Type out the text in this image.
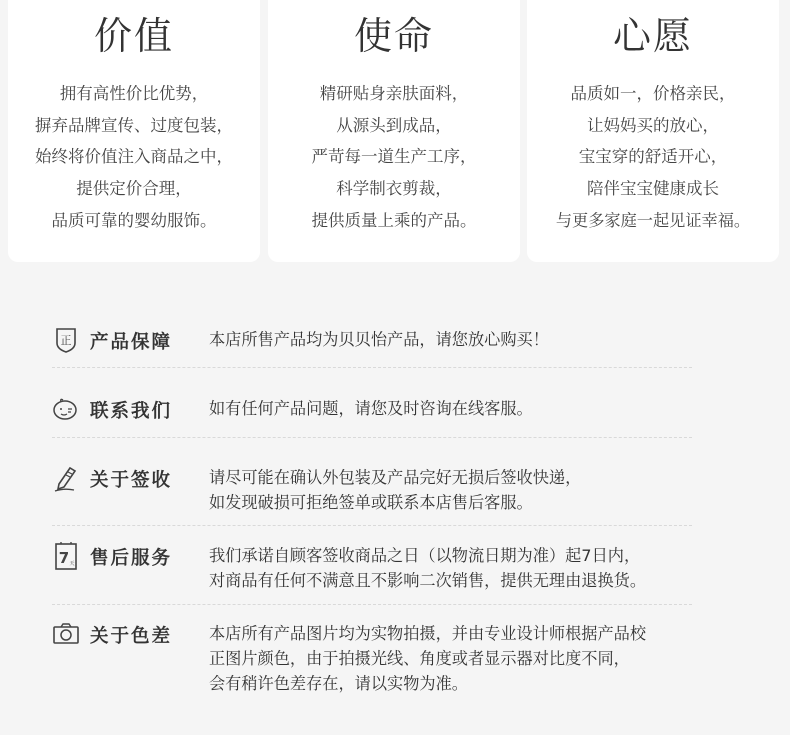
价值
拥有高性价比优势，
摒弃品牌宣传、过度包装，
始终将价值注入商品之中，
提供定价合理，
品质可靠的婴幼服饰。
使命
精研贴身亲肤面料，
从源头到成品，
严苛每一道生产工序，
科学制衣剪裁，
提供质量上乘的产品。
心愿
品质如一，价格亲民，
让妈妈买的放心，
宝宝穿的舒适开心，
陪伴宝宝健康成长
与更多家庭一起见证幸福。
正 产品保障 本店所售产品均为贝贝怡产品，请您放心购买！
联系我们 如有任何产品问题，请您及时咨询在线客服。
关于签收 请尽可能在确认外包装及产品完好无损后签收快递，
如发现破损可拒绝签单或联系本店售后客服。
7 天 售后服务 我们承诺自顾客签收商品之日（以物流日期为准）起7日内，
对商品有任何不满意且不影响二次销售，提供无理由退换货。
关于色差 本店所有产品图片均为实物拍摄，并由专业设计师根据产品校
正图片颜色，由于拍摄光线、角度或者显示器对比度不同，
会有稍许色差存在，请以实物为准。
